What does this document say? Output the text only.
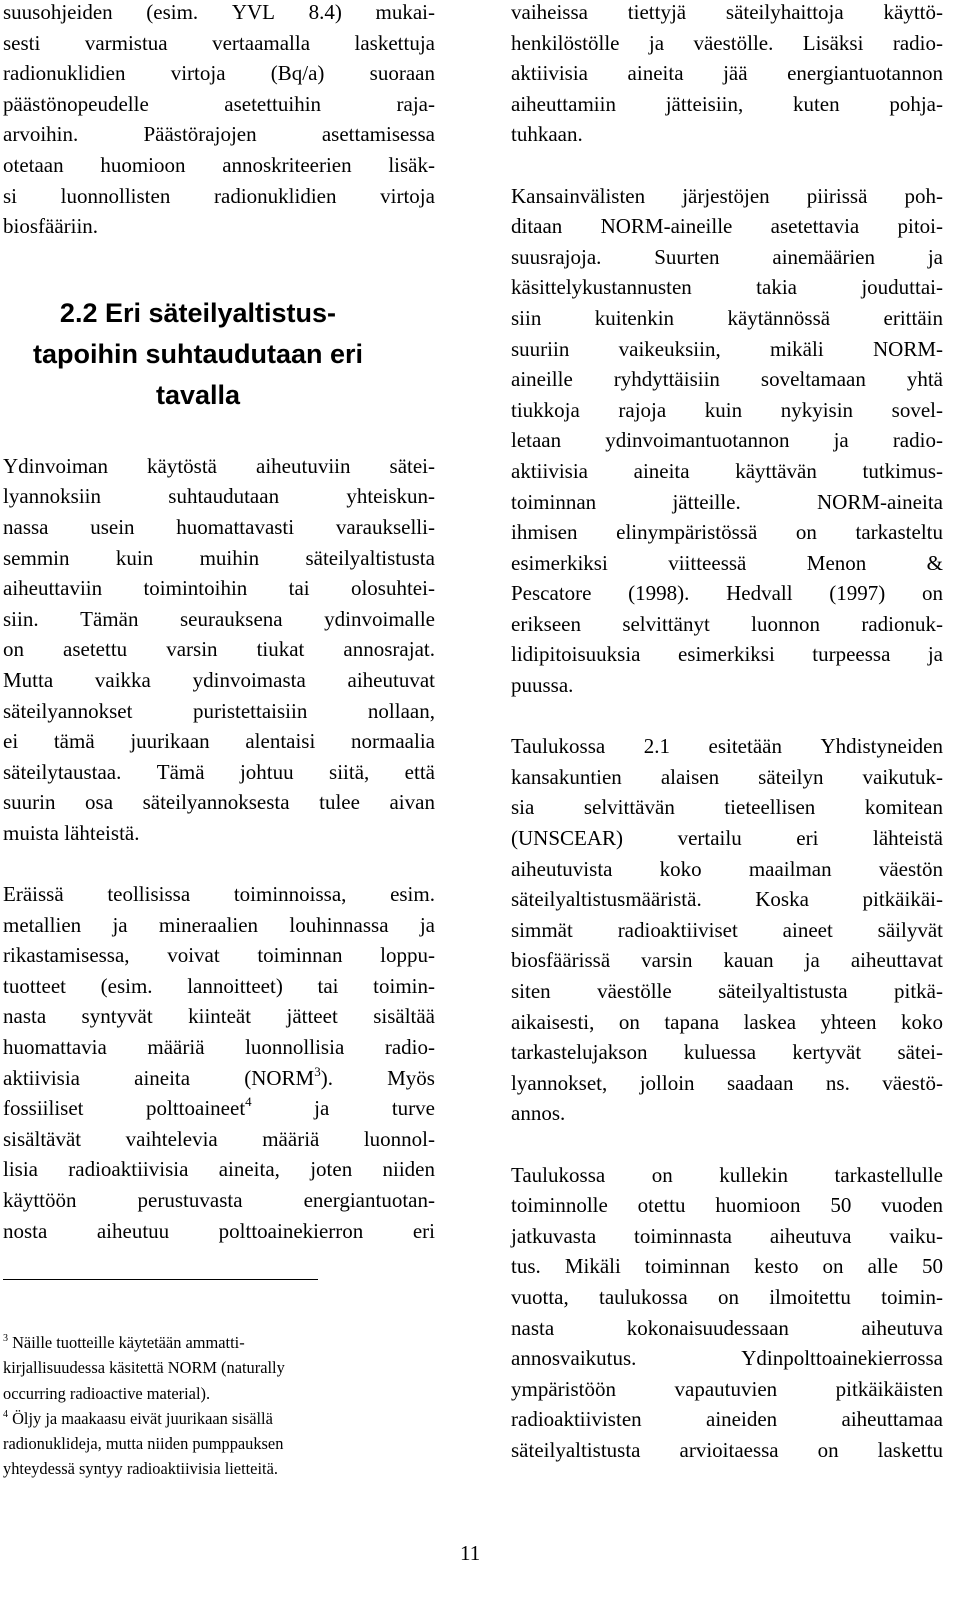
suusohjeiden (esim. YVL 8.4) mukai-
sesti varmistua vertaamalla laskettuja
radionuklidien virtoja (Bq/a) suoraan
päästönopeudelle	asetettuihin	raja-
arvoihin.	Päästörajojen	asettamisessa
otetaan huomioon annoskriteerien lisäk-
si luonnollisten radionuklidien virtoja
biosfääriin.
2.2 Eri säteilyaltistus-
tapoihin suhtaudutaan eri
tavalla
Ydinvoiman käytöstä aiheutuviin sätei-
lyannoksiin	suhtaudutaan	yhteiskun-
nassa usein huomattavasti varaukselli-
semmin kuin muihin säteilyaltistusta
aiheuttaviin toimintoihin tai olosuhtei-
siin. Tämän seurauksena ydinvoimalle
on asetettu varsin tiukat annosrajat.
Mutta vaikka ydinvoimasta aiheutuvat
säteilyannokset	puristettaisiin	nollaan,
ei tämä juurikaan alentaisi normaalia
säteilytaustaa. Tämä johtuu siitä, että
suurin osa säteilyannoksesta tulee aivan
muista lähteistä.
Eräissä teollisissa toiminnoissa, esim.
metallien ja mineraalien louhinnassa ja
rikastamisessa, voivat toiminnan loppu-
tuotteet (esim. lannoitteet) tai toimin-
nasta syntyvät kiinteät jätteet sisältää
huomattavia määriä luonnollisia radio-
aktiivisia	aineita	(NORM$^3$).	Myös
fossiiliset	polttoaineet$^4$	ja	turve
sisältävät vaihtelevia määriä luonnol-
lisia radioaktiivisia aineita, joten niiden
käyttöön	perustuvasta	energiantuotan-
nosta aiheutuu polttoainekierron eri
vaiheissa tiettyjä säteilyhaittoja käyttö-
henkilöstölle ja väestölle. Lisäksi radio-
aktiivisia aineita jää energiantuotannon
aiheuttamiin jätteisiin, kuten pohja-
tuhkaan.
Kansainvälisten järjestöjen piirissä poh-
ditaan NORM-aineille asetettavia pitoi-
suusrajoja.	Suurten	ainemäärien	ja
käsittelykustannusten	takia	jouduttai-
siin	kuitenkin	käytännössä	erittäin
suuriin vaikeuksiin, mikäli NORM-
aineille ryhdyttäisiin soveltamaan yhtä
tiukkoja rajoja kuin nykyisin sovel-
letaan ydinvoimantuotannon ja radio-
aktiivisia aineita käyttävän tutkimus-
toiminnan	jätteille.	NORM-aineita
ihmisen elinympäristössä on tarkasteltu
esimerkiksi	viitteessä	Menon	&
Pescatore (1998). Hedvall (1997) on
erikseen selvittänyt luonnon radionuk-
lidipitoisuuksia esimerkiksi turpeessa ja
puussa.
Taulukossa 2.1 esitetään Yhdistyneiden
kansakuntien alaisen säteilyn vaikutuk-
sia selvittävän tieteellisen komitean
(UNSCEAR)	vertailu	eri	lähteistä
aiheutuvista koko maailman väestön
säteilyaltistusmääristä.	Koska	pitkäikäi-
simmät radioaktiiviset aineet säilyvät
biosfäärissä varsin kauan ja aiheuttavat
siten väestölle säteilyaltistusta pitkä-
aikaisesti, on tapana laskea yhteen koko
tarkastelujakson kuluessa kertyvät sätei-
lyannokset, jolloin saadaan ns. väestö-
annos.
Taulukossa on kullekin tarkastellulle
toiminnolle otettu huomioon 50 vuoden
jatkuvasta toiminnasta aiheutuva vaiku-
tus. Mikäli toiminnan kesto on alle 50
vuotta, taulukossa on ilmoitettu toimin-
nasta	kokonaisuudessaan	aiheutuva
annosvaikutus.	Ydinpolttoainekierrossa
ympäristöön	vapautuvien	pitkäikäisten
radioaktiivisten	aineiden	aiheuttamaa
säteilyaltistusta arvioitaessa on laskettu
$^3$ Näille tuotteille käytetään ammatti-
kirjallisuudessa käsitettä NORM (naturally
occurring radioactive material).
$^4$ Öljy ja maakaasu eivät juurikaan sisällä
radionuklideja, mutta niiden pumppauksen
yhteydessä syntyy radioaktiivisia lietteitä.
11
